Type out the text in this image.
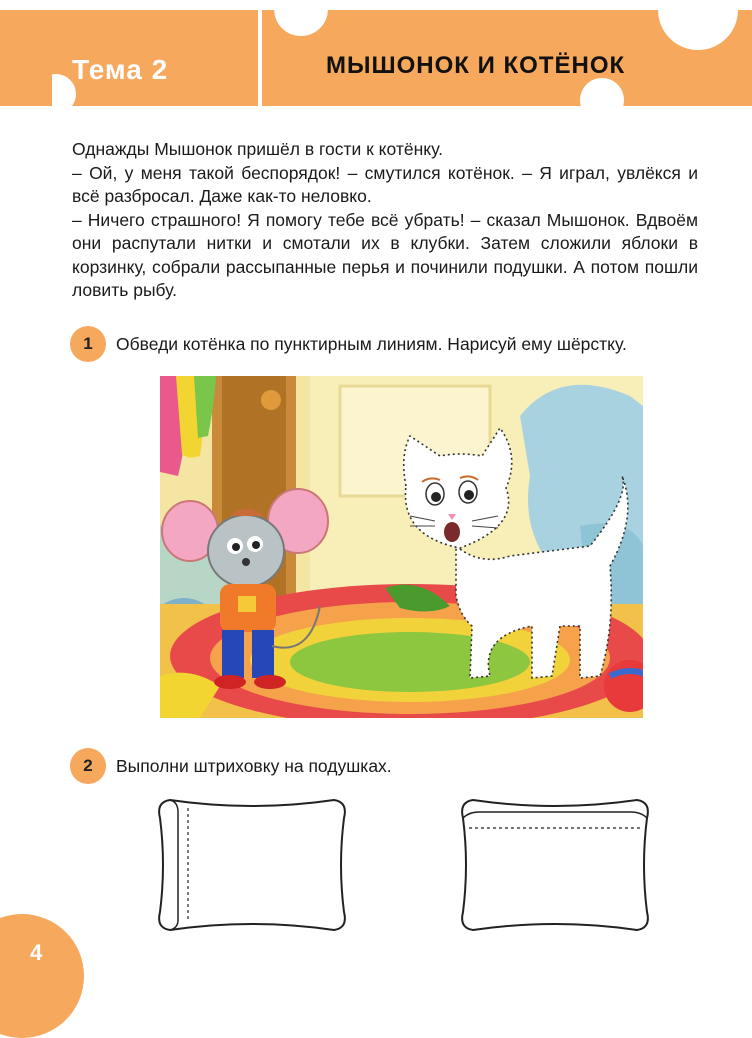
Тема 2	МЫШОНОК И КОТЁНОК

Однажды Мышонок пришёл в гости к котёнку.

– Ой, у меня такой беспорядок! – смутился котёнок. – Я играл, увлёкся и всё разбросал. Даже как-то неловко.

– Ничего страшного! Я помогу тебе всё убрать! – сказал Мышонок. Вдвоём они распутали нитки и смотали их в клубки. Затем сложили яблоки в корзинку, собрали рассыпанные перья и починили подушки. А потом пошли ловить рыбу.

1	Обведи котёнка по пунктирным линиям. Нарисуй ему шёрстку.
2	Выполни штриховку на подушках.
4
